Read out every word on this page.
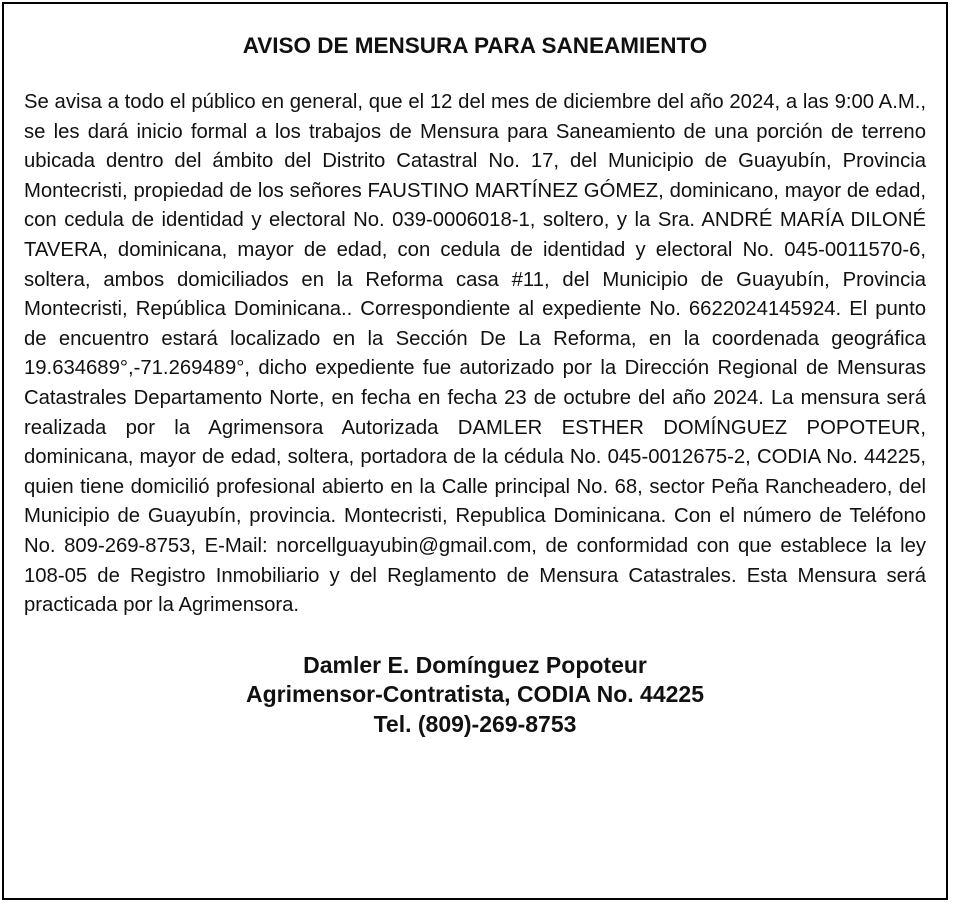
AVISO DE MENSURA PARA SANEAMIENTO

Se avisa a todo el público en general, que el 12 del mes de diciembre del año 2024, a las 9:00 A.M., se les dará inicio formal a los trabajos de Mensura para Saneamiento de una porción de terreno ubicada dentro del ámbito del Distrito Catastral No. 17, del Municipio de Guayubín, Provincia Montecristi, propiedad de los señores FAUSTINO MARTÍNEZ GÓMEZ, dominicano, mayor de edad, con cedula de identidad y electoral No. 039-0006018-1, soltero, y la Sra. ANDRÉ MARÍA DILONÉ TAVERA, dominicana, mayor de edad, con cedula de identidad y electoral No. 045-0011570-6, soltera, ambos domiciliados en la Reforma casa #11, del Municipio de Guayubín, Provincia Montecristi, República Dominicana.. Correspondiente al expediente No. 6622024145924. El punto de encuentro estará localizado en la Sección De La Reforma, en la coordenada geográfica 19.634689°,-71.269489°, dicho expediente fue autorizado por la Dirección Regional de Mensuras Catastrales Departamento Norte, en fecha en fecha 23 de octubre del año 2024. La mensura será realizada por la Agrimensora Autorizada DAMLER ESTHER DOMÍNGUEZ POPOTEUR, dominicana, mayor de edad, soltera, portadora de la cédula No. 045-0012675-2, CODIA No. 44225, quien tiene domicilió profesional abierto en la Calle principal No. 68, sector Peña Rancheadero, del Municipio de Guayubín, provincia. Montecristi, Republica Dominicana. Con el número de Teléfono No. 809-269-8753, E-Mail: norcellguayubin@gmail.com, de conformidad con que establece la ley 108-05 de Registro Inmobiliario y del Reglamento de Mensura Catastrales. Esta Mensura será practicada por la Agrimensora.

Damler E. Domínguez Popoteur
Agrimensor-Contratista, CODIA No. 44225
Tel. (809)-269-8753
